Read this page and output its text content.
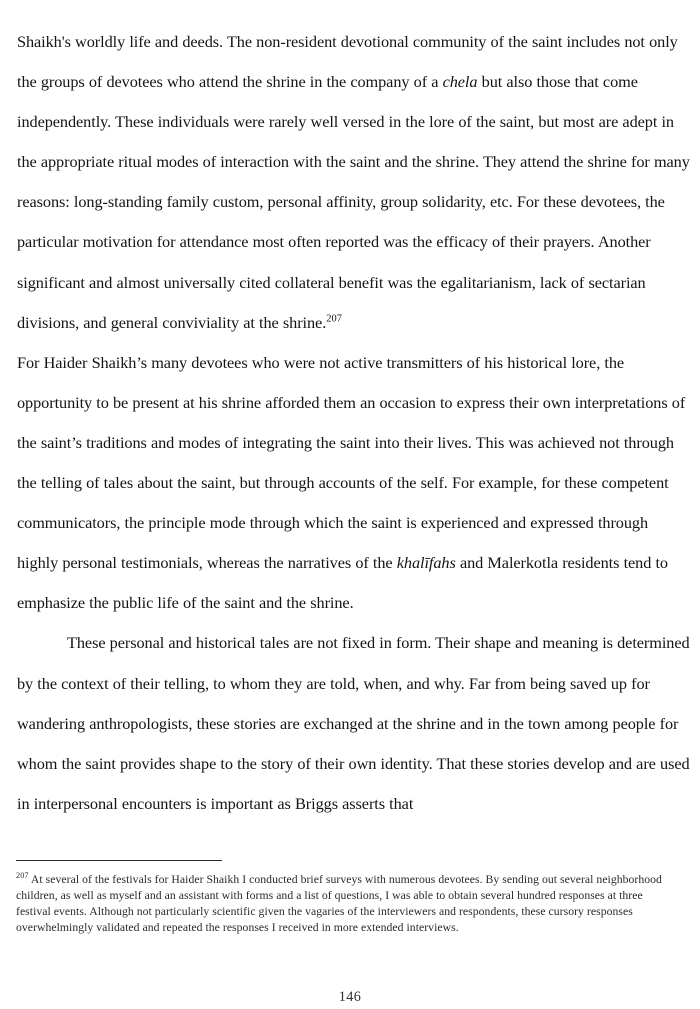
Shaikh's worldly life and deeds. The non-resident devotional community of the saint includes not only the groups of devotees who attend the shrine in the company of a chela but also those that come independently. These individuals were rarely well versed in the lore of the saint, but most are adept in the appropriate ritual modes of interaction with the saint and the shrine. They attend the shrine for many reasons: long-standing family custom, personal affinity, group solidarity, etc. For these devotees, the particular motivation for attendance most often reported was the efficacy of their prayers. Another significant and almost universally cited collateral benefit was the egalitarianism, lack of sectarian divisions, and general conviviality at the shrine.$^{207}$

For Haider Shaikh’s many devotees who were not active transmitters of his historical lore, the opportunity to be present at his shrine afforded them an occasion to express their own interpretations of the saint’s traditions and modes of integrating the saint into their lives. This was achieved not through the telling of tales about the saint, but through accounts of the self. For example, for these competent communicators, the principle mode through which the saint is experienced and expressed through highly personal testimonials, whereas the narratives of the khalīfahs and Malerkotla residents tend to emphasize the public life of the saint and the shrine.

These personal and historical tales are not fixed in form. Their shape and meaning is determined by the context of their telling, to whom they are told, when, and why. Far from being saved up for wandering anthropologists, these stories are exchanged at the shrine and in the town among people for whom the saint provides shape to the story of their own identity. That these stories develop and are used in interpersonal encounters is important as Briggs asserts that

$^{207}$ At several of the festivals for Haider Shaikh I conducted brief surveys with numerous devotees. By sending out several neighborhood children, as well as myself and an assistant with forms and a list of questions, I was able to obtain several hundred responses at three festival events. Although not particularly scientific given the vagaries of the interviewers and respondents, these cursory responses overwhelmingly validated and repeated the responses I received in more extended interviews.

146
